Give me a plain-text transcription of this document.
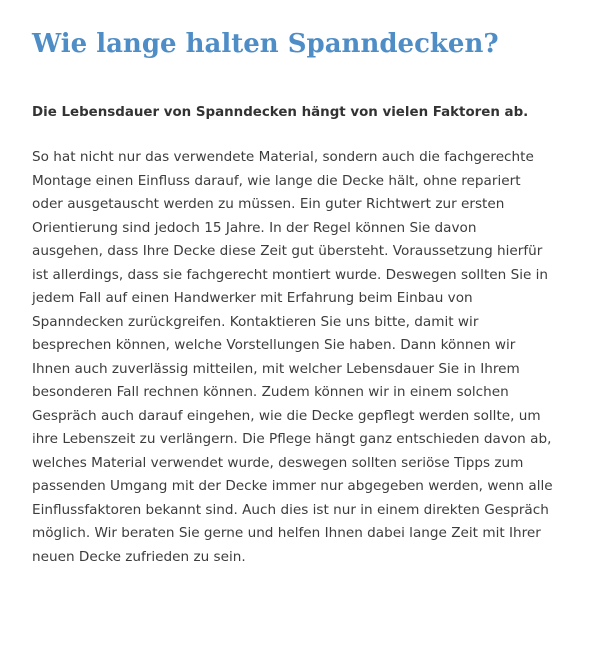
Wie lange halten Spanndecken?

Die Lebensdauer von Spanndecken hängt von vielen Faktoren ab.

So hat nicht nur das verwendete Material, sondern auch die fachgerechte
Montage einen Einfluss darauf, wie lange die Decke hält, ohne repariert
oder ausgetauscht werden zu müssen. Ein guter Richtwert zur ersten
Orientierung sind jedoch 15 Jahre. In der Regel können Sie davon
ausgehen, dass Ihre Decke diese Zeit gut übersteht. Voraussetzung hierfür
ist allerdings, dass sie fachgerecht montiert wurde. Deswegen sollten Sie in
jedem Fall auf einen Handwerker mit Erfahrung beim Einbau von
Spanndecken zurückgreifen. Kontaktieren Sie uns bitte, damit wir
besprechen können, welche Vorstellungen Sie haben. Dann können wir
Ihnen auch zuverlässig mitteilen, mit welcher Lebensdauer Sie in Ihrem
besonderen Fall rechnen können. Zudem können wir in einem solchen
Gespräch auch darauf eingehen, wie die Decke gepflegt werden sollte, um
ihre Lebenszeit zu verlängern. Die Pflege hängt ganz entschieden davon ab,
welches Material verwendet wurde, deswegen sollten seriöse Tipps zum
passenden Umgang mit der Decke immer nur abgegeben werden, wenn alle
Einflussfaktoren bekannt sind. Auch dies ist nur in einem direkten Gespräch
möglich. Wir beraten Sie gerne und helfen Ihnen dabei lange Zeit mit Ihrer
neuen Decke zufrieden zu sein.
